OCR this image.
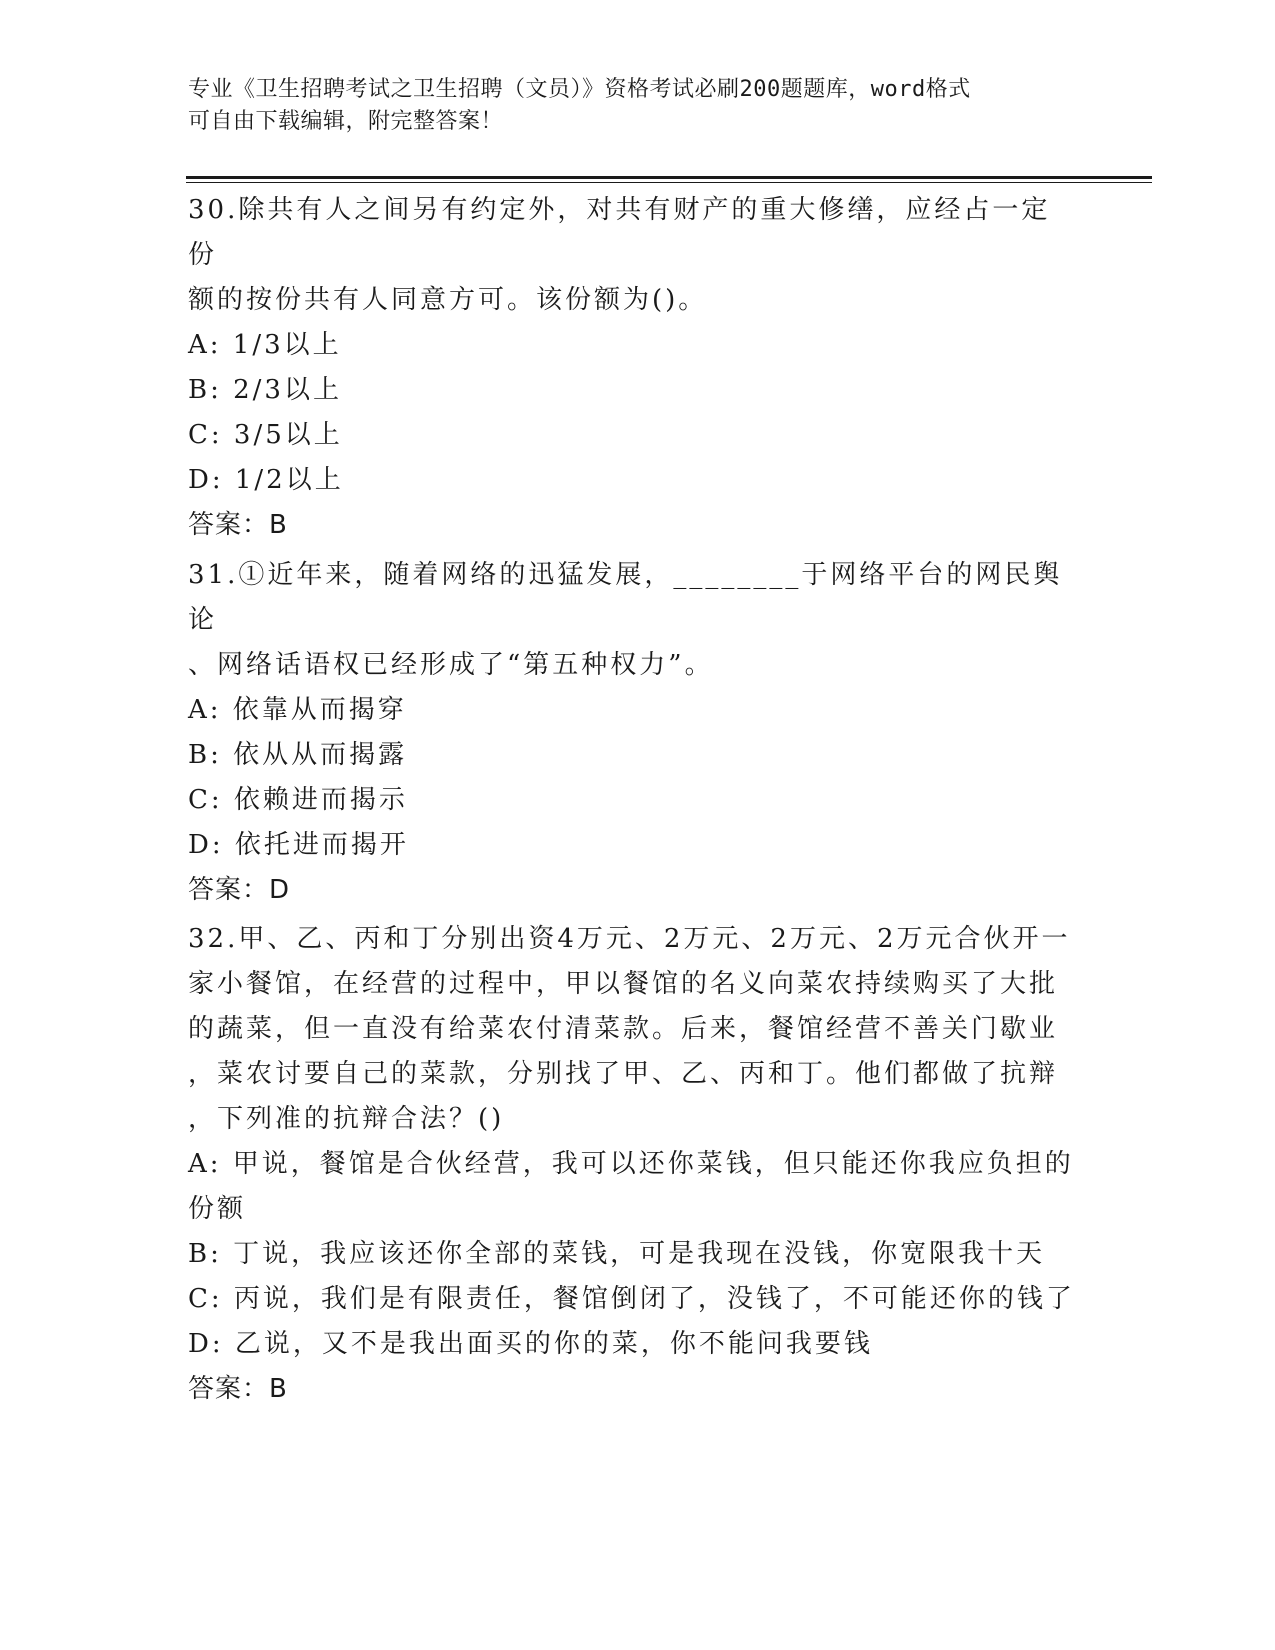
专业《卫生招聘考试之卫生招聘（文员）》资格考试必刷200题题库，word格式
可自由下载编辑，附完整答案！

30.除共有人之间另有约定外，对共有财产的重大修缮，应经占一定份

额的按份共有人同意方可。该份额为()。

A: 1/3以上

B: 2/3以上

C: 3/5以上

D: 1/2以上

答案：B

31.①近年来，随着网络的迅猛发展，________于网络平台的网民舆论

、网络话语权已经形成了“第五种权力”。

A: 依靠从而揭穿

B: 依从从而揭露

C: 依赖进而揭示

D: 依托进而揭开

答案：D

32.甲、乙、丙和丁分别出资4万元、2万元、2万元、2万元合伙开一

家小餐馆，在经营的过程中，甲以餐馆的名义向菜农持续购买了大批

的蔬菜，但一直没有给菜农付清菜款。后来，餐馆经营不善关门歇业

，菜农讨要自己的菜款，分别找了甲、乙、丙和丁。他们都做了抗辩

，下列准的抗辩合法？()

A: 甲说，餐馆是合伙经营，我可以还你菜钱，但只能还你我应负担的

份额

B: 丁说，我应该还你全部的菜钱，可是我现在没钱，你宽限我十天

C: 丙说，我们是有限责任，餐馆倒闭了，没钱了，不可能还你的钱了

D: 乙说，又不是我出面买的你的菜，你不能问我要钱

答案：B
